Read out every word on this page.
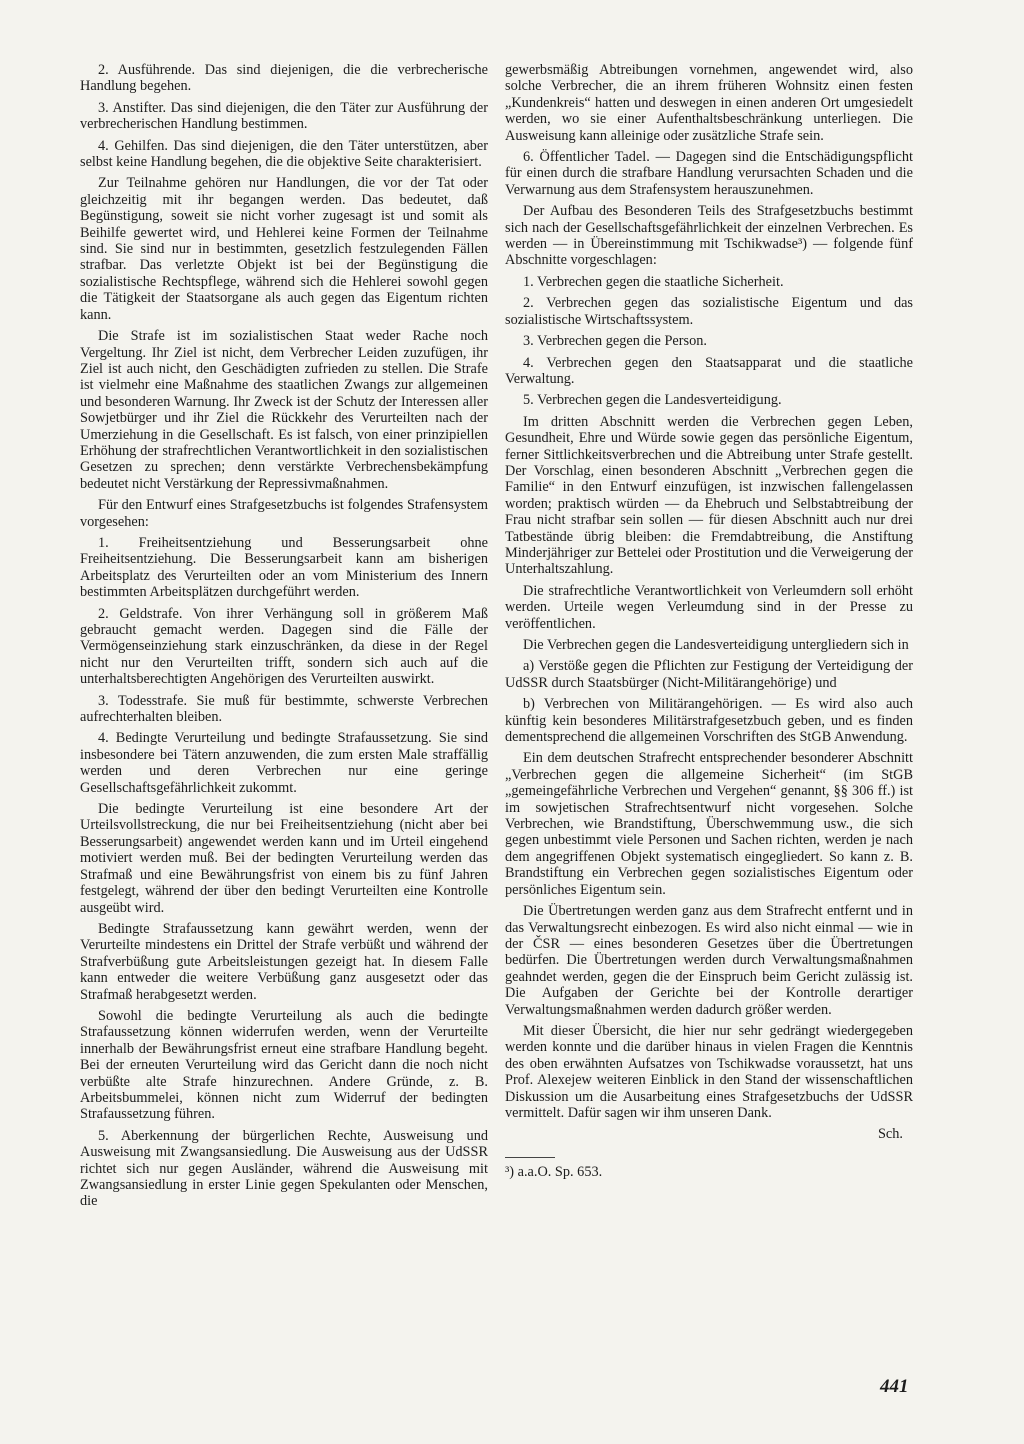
2. Ausführende. Das sind diejenigen, die die verbrecherische Handlung begehen.

3. Anstifter. Das sind diejenigen, die den Täter zur Ausführung der verbrecherischen Handlung bestimmen.

4. Gehilfen. Das sind diejenigen, die den Täter unterstützen, aber selbst keine Handlung begehen, die die objektive Seite charakterisiert.

Zur Teilnahme gehören nur Handlungen, die vor der Tat oder gleichzeitig mit ihr begangen werden. Das bedeutet, daß Begünstigung, soweit sie nicht vorher zugesagt ist und somit als Beihilfe gewertet wird, und Hehlerei keine Formen der Teilnahme sind. Sie sind nur in bestimmten, gesetzlich festzulegenden Fällen strafbar. Das verletzte Objekt ist bei der Begünstigung die sozialistische Rechtspflege, während sich die Hehlerei sowohl gegen die Tätigkeit der Staatsorgane als auch gegen das Eigentum richten kann.

Die Strafe ist im sozialistischen Staat weder Rache noch Vergeltung. Ihr Ziel ist nicht, dem Verbrecher Leiden zuzufügen, ihr Ziel ist auch nicht, den Geschädigten zufrieden zu stellen. Die Strafe ist vielmehr eine Maßnahme des staatlichen Zwangs zur allgemeinen und besonderen Warnung. Ihr Zweck ist der Schutz der Interessen aller Sowjetbürger und ihr Ziel die Rückkehr des Verurteilten nach der Umerziehung in die Gesellschaft. Es ist falsch, von einer prinzipiellen Erhöhung der strafrechtlichen Verantwortlichkeit in den sozialistischen Gesetzen zu sprechen; denn verstärkte Verbrechensbekämpfung bedeutet nicht Verstärkung der Repressivmaßnahmen.

Für den Entwurf eines Strafgesetzbuchs ist folgendes Strafensystem vorgesehen:

1. Freiheitsentziehung und Besserungsarbeit ohne Freiheitsentziehung. Die Besserungsarbeit kann am bisherigen Arbeitsplatz des Verurteilten oder an vom Ministerium des Innern bestimmten Arbeitsplätzen durchgeführt werden.

2. Geldstrafe. Von ihrer Verhängung soll in größerem Maß gebraucht gemacht werden. Dagegen sind die Fälle der Vermögenseinziehung stark einzuschränken, da diese in der Regel nicht nur den Verurteilten trifft, sondern sich auch auf die unterhaltsberechtigten Angehörigen des Verurteilten auswirkt.

3. Todesstrafe. Sie muß für bestimmte, schwerste Verbrechen aufrechterhalten bleiben.

4. Bedingte Verurteilung und bedingte Strafaussetzung. Sie sind insbesondere bei Tätern anzuwenden, die zum ersten Male straffällig werden und deren Verbrechen nur eine geringe Gesellschaftsgefährlichkeit zukommt.

Die bedingte Verurteilung ist eine besondere Art der Urteilsvollstreckung, die nur bei Freiheitsentziehung (nicht aber bei Besserungsarbeit) angewendet werden kann und im Urteil eingehend motiviert werden muß. Bei der bedingten Verurteilung werden das Strafmaß und eine Bewährungsfrist von einem bis zu fünf Jahren festgelegt, während der über den bedingt Verurteilten eine Kontrolle ausgeübt wird.

Bedingte Strafaussetzung kann gewährt werden, wenn der Verurteilte mindestens ein Drittel der Strafe verbüßt und während der Strafverbüßung gute Arbeitsleistungen gezeigt hat. In diesem Falle kann entweder die weitere Verbüßung ganz ausgesetzt oder das Strafmaß herabgesetzt werden.

Sowohl die bedingte Verurteilung als auch die bedingte Strafaussetzung können widerrufen werden, wenn der Verurteilte innerhalb der Bewährungsfrist erneut eine strafbare Handlung begeht. Bei der erneuten Verurteilung wird das Gericht dann die noch nicht verbüßte alte Strafe hinzurechnen. Andere Gründe, z. B. Arbeitsbummelei, können nicht zum Widerruf der bedingten Strafaussetzung führen.

5. Aberkennung der bürgerlichen Rechte, Ausweisung und Ausweisung mit Zwangsansiedlung. Die Ausweisung aus der UdSSR richtet sich nur gegen Ausländer, während die Ausweisung mit Zwangsansiedlung in erster Linie gegen Spekulanten oder Menschen, die

gewerbsmäßig Abtreibungen vornehmen, angewendet wird, also solche Verbrecher, die an ihrem früheren Wohnsitz einen festen „Kundenkreis“ hatten und deswegen in einen anderen Ort umgesiedelt werden, wo sie einer Aufenthaltsbeschränkung unterliegen. Die Ausweisung kann alleinige oder zusätzliche Strafe sein.

6. Öffentlicher Tadel. — Dagegen sind die Entschädigungspflicht für einen durch die strafbare Handlung verursachten Schaden und die Verwarnung aus dem Strafensystem herauszunehmen.

Der Aufbau des Besonderen Teils des Strafgesetzbuchs bestimmt sich nach der Gesellschaftsgefährlichkeit der einzelnen Verbrechen. Es werden — in Übereinstimmung mit Tschikwadse³) — folgende fünf Abschnitte vorgeschlagen:

1. Verbrechen gegen die staatliche Sicherheit.

2. Verbrechen gegen das sozialistische Eigentum und das sozialistische Wirtschaftssystem.

3. Verbrechen gegen die Person.

4. Verbrechen gegen den Staatsapparat und die staatliche Verwaltung.

5. Verbrechen gegen die Landesverteidigung.

Im dritten Abschnitt werden die Verbrechen gegen Leben, Gesundheit, Ehre und Würde sowie gegen das persönliche Eigentum, ferner Sittlichkeitsverbrechen und die Abtreibung unter Strafe gestellt. Der Vorschlag, einen besonderen Abschnitt „Verbrechen gegen die Familie“ in den Entwurf einzufügen, ist inzwischen fallengelassen worden; praktisch würden — da Ehebruch und Selbstabtreibung der Frau nicht strafbar sein sollen — für diesen Abschnitt auch nur drei Tatbestände übrig bleiben: die Fremdabtreibung, die Anstiftung Minderjähriger zur Bettelei oder Prostitution und die Verweigerung der Unterhaltszahlung.

Die strafrechtliche Verantwortlichkeit von Verleumdern soll erhöht werden. Urteile wegen Verleumdung sind in der Presse zu veröffentlichen.

Die Verbrechen gegen die Landesverteidigung untergliedern sich in

a) Verstöße gegen die Pflichten zur Festigung der Verteidigung der UdSSR durch Staatsbürger (Nicht-Militärangehörige) und

b) Verbrechen von Militärangehörigen. — Es wird also auch künftig kein besonderes Militärstrafgesetzbuch geben, und es finden dementsprechend die allgemeinen Vorschriften des StGB Anwendung.

Ein dem deutschen Strafrecht entsprechender besonderer Abschnitt „Verbrechen gegen die allgemeine Sicherheit“ (im StGB „gemeingefährliche Verbrechen und Vergehen“ genannt, §§ 306 ff.) ist im sowjetischen Strafrechtsentwurf nicht vorgesehen. Solche Verbrechen, wie Brandstiftung, Überschwemmung usw., die sich gegen unbestimmt viele Personen und Sachen richten, werden je nach dem angegriffenen Objekt systematisch eingegliedert. So kann z. B. Brandstiftung ein Verbrechen gegen sozialistisches Eigentum oder persönliches Eigentum sein.

Die Übertretungen werden ganz aus dem Strafrecht entfernt und in das Verwaltungsrecht einbezogen. Es wird also nicht einmal — wie in der ČSR — eines besonderen Gesetzes über die Übertretungen bedürfen. Die Übertretungen werden durch Verwaltungsmaßnahmen geahndet werden, gegen die der Einspruch beim Gericht zulässig ist. Die Aufgaben der Gerichte bei der Kontrolle derartiger Verwaltungsmaßnahmen werden dadurch größer werden.

Mit dieser Übersicht, die hier nur sehr gedrängt wiedergegeben werden konnte und die darüber hinaus in vielen Fragen die Kenntnis des oben erwähnten Aufsatzes von Tschikwadse voraussetzt, hat uns Prof. Alexejew weiteren Einblick in den Stand der wissenschaftlichen Diskussion um die Ausarbeitung eines Strafgesetzbuchs der UdSSR vermittelt. Dafür sagen wir ihm unseren Dank.

Sch.

³) a.a.O. Sp. 653.

441
